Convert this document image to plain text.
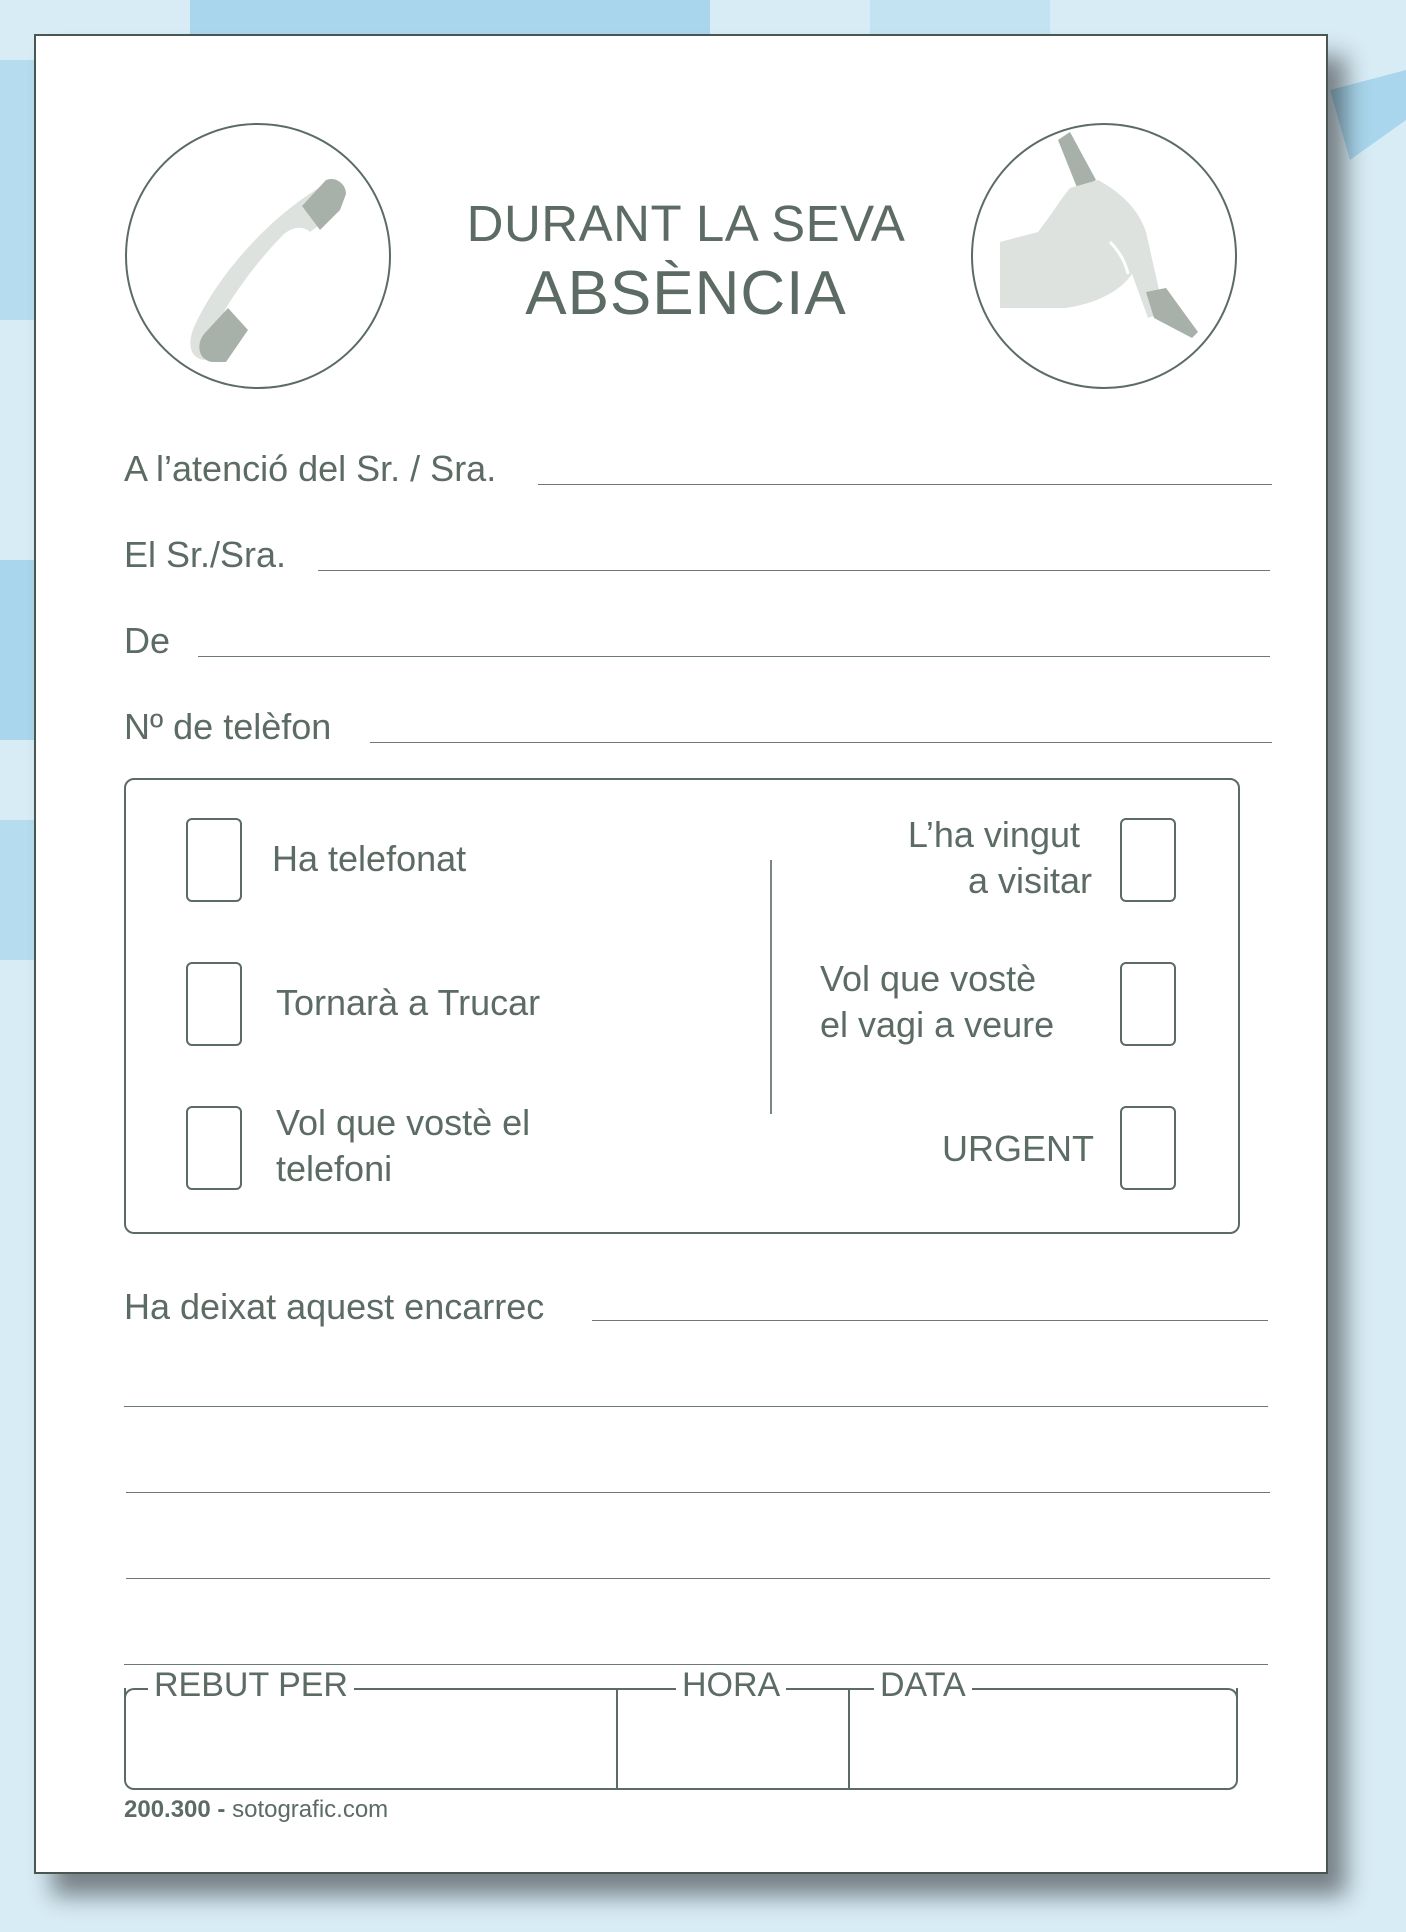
DURANT LA SEVA
ABSÈNCIA
A l’atenció del Sr. / Sra.
El Sr./Sra.
De
Nº de telèfon
Ha telefonat
Tornarà a Trucar
Vol que vostè el
telefoni
L’ha vingut
a visitar
Vol que vostè
el vagi a veure
URGENT
Ha deixat aquest encarrec
REBUT PER	HORA	DATA
200.300 - sotografic.com
